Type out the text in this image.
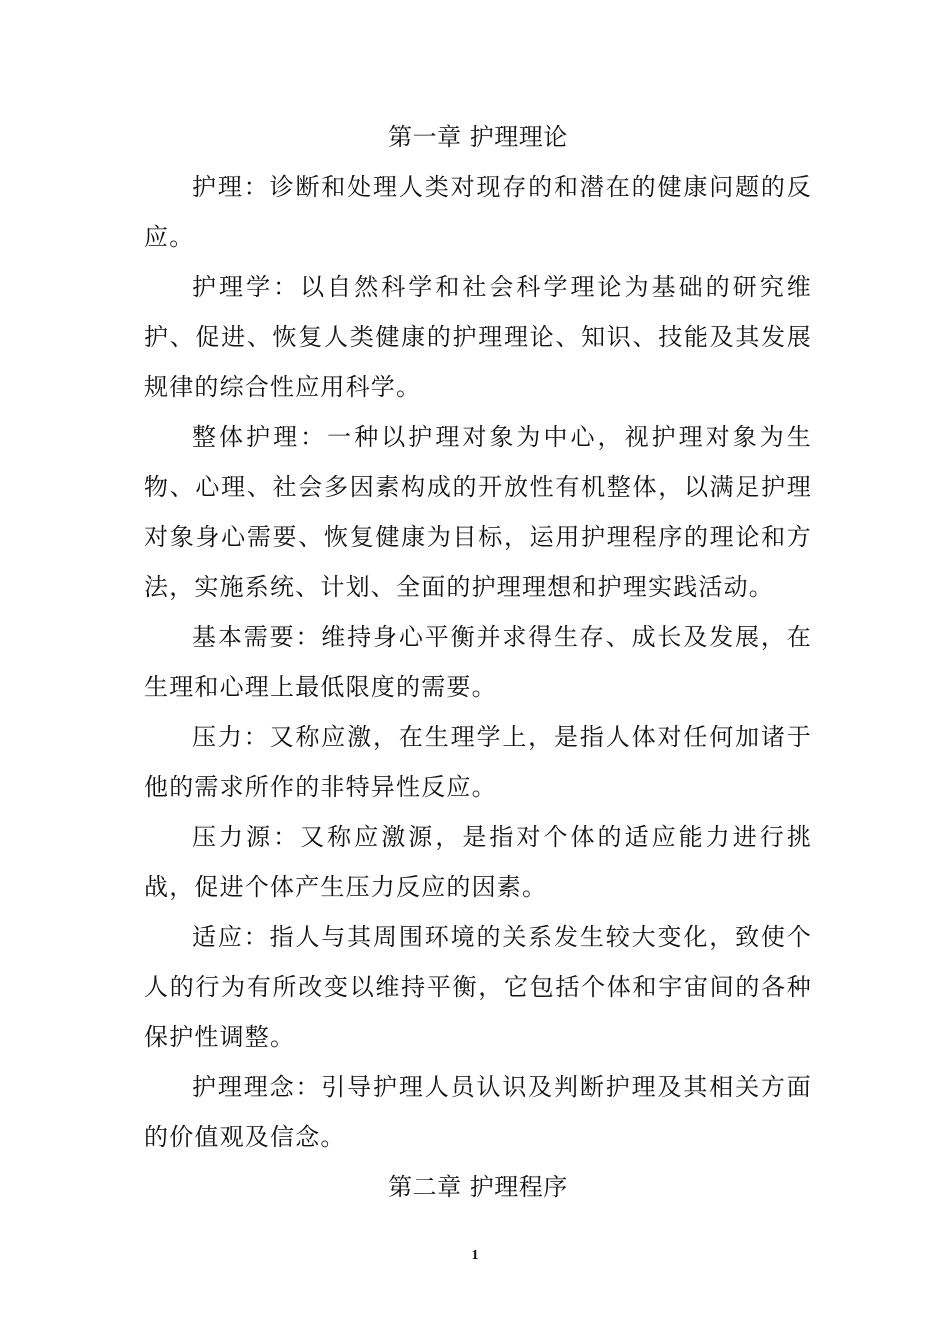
第一章 护理理论

护理：诊断和处理人类对现存的和潜在的健康问题的反应。

护理学：以自然科学和社会科学理论为基础的研究维护、促进、恢复人类健康的护理理论、知识、技能及其发展规律的综合性应用科学。

整体护理：一种以护理对象为中心，视护理对象为生物、心理、社会多因素构成的开放性有机整体，以满足护理对象身心需要、恢复健康为目标，运用护理程序的理论和方法，实施系统、计划、全面的护理理想和护理实践活动。

基本需要：维持身心平衡并求得生存、成长及发展，在生理和心理上最低限度的需要。

压力：又称应激，在生理学上，是指人体对任何加诸于他的需求所作的非特异性反应。

压力源：又称应激源，是指对个体的适应能力进行挑战，促进个体产生压力反应的因素。

适应：指人与其周围环境的关系发生较大变化，致使个人的行为有所改变以维持平衡，它包括个体和宇宙间的各种保护性调整。

护理理念：引导护理人员认识及判断护理及其相关方面的价值观及信念。

第二章 护理程序

1
